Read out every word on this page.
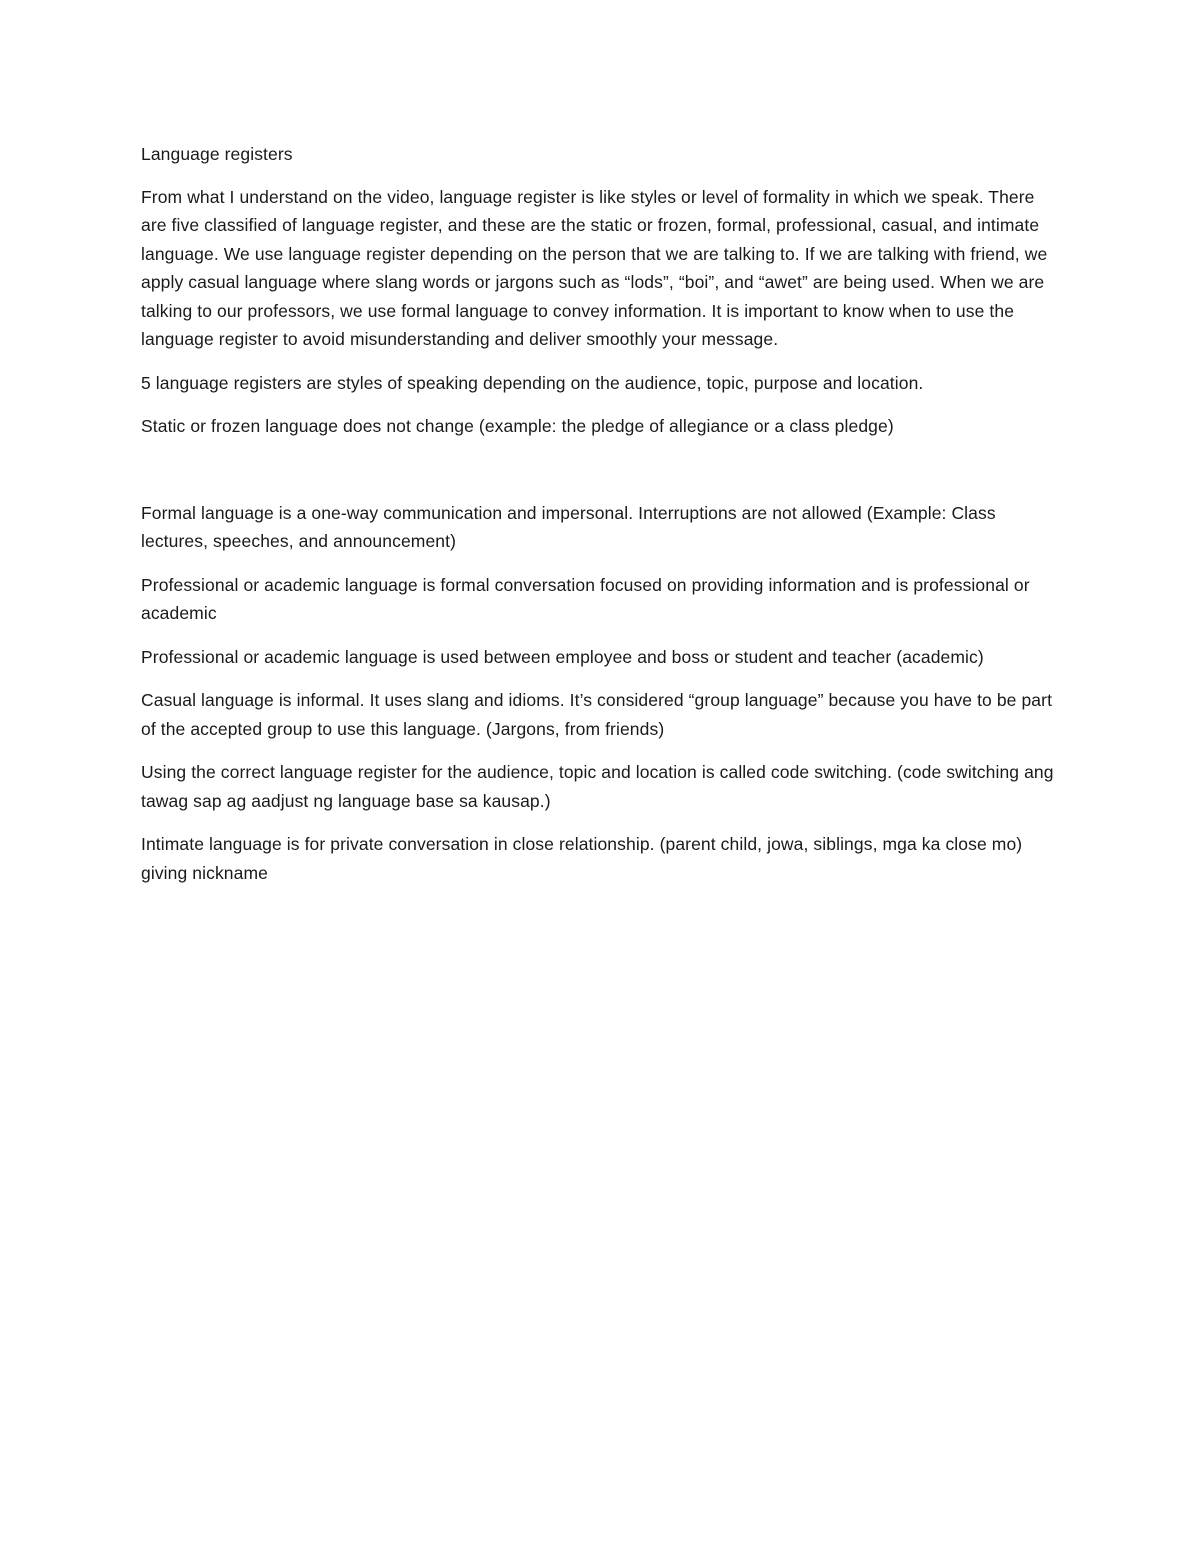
Language registers

From what I understand on the video, language register is like styles or level of formality in which we speak. There are five classified of language register, and these are the static or frozen, formal, professional, casual, and intimate language. We use language register depending on the person that we are talking to. If we are talking with friend, we apply casual language where slang words or jargons such as “lods”, “boi”, and “awet” are being used. When we are talking to our professors, we use formal language to convey information. It is important to know when to use the language register to avoid misunderstanding and deliver smoothly your message.

5 language registers are styles of speaking depending on the audience, topic, purpose and location.

Static or frozen language does not change (example: the pledge of allegiance or a class pledge)

Formal language is a one-way communication and impersonal. Interruptions are not allowed (Example: Class lectures, speeches, and announcement)

Professional or academic language is formal conversation focused on providing information and is professional or academic

Professional or academic language is used between employee and boss or student and teacher (academic)

Casual language is informal. It uses slang and idioms. It’s considered “group language” because you have to be part of the accepted group to use this language. (Jargons, from friends)

Using the correct language register for the audience, topic and location is called code switching. (code switching ang tawag sap ag aadjust ng language base sa kausap.)

Intimate language is for private conversation in close relationship. (parent child, jowa, siblings, mga ka close mo) giving nickname
